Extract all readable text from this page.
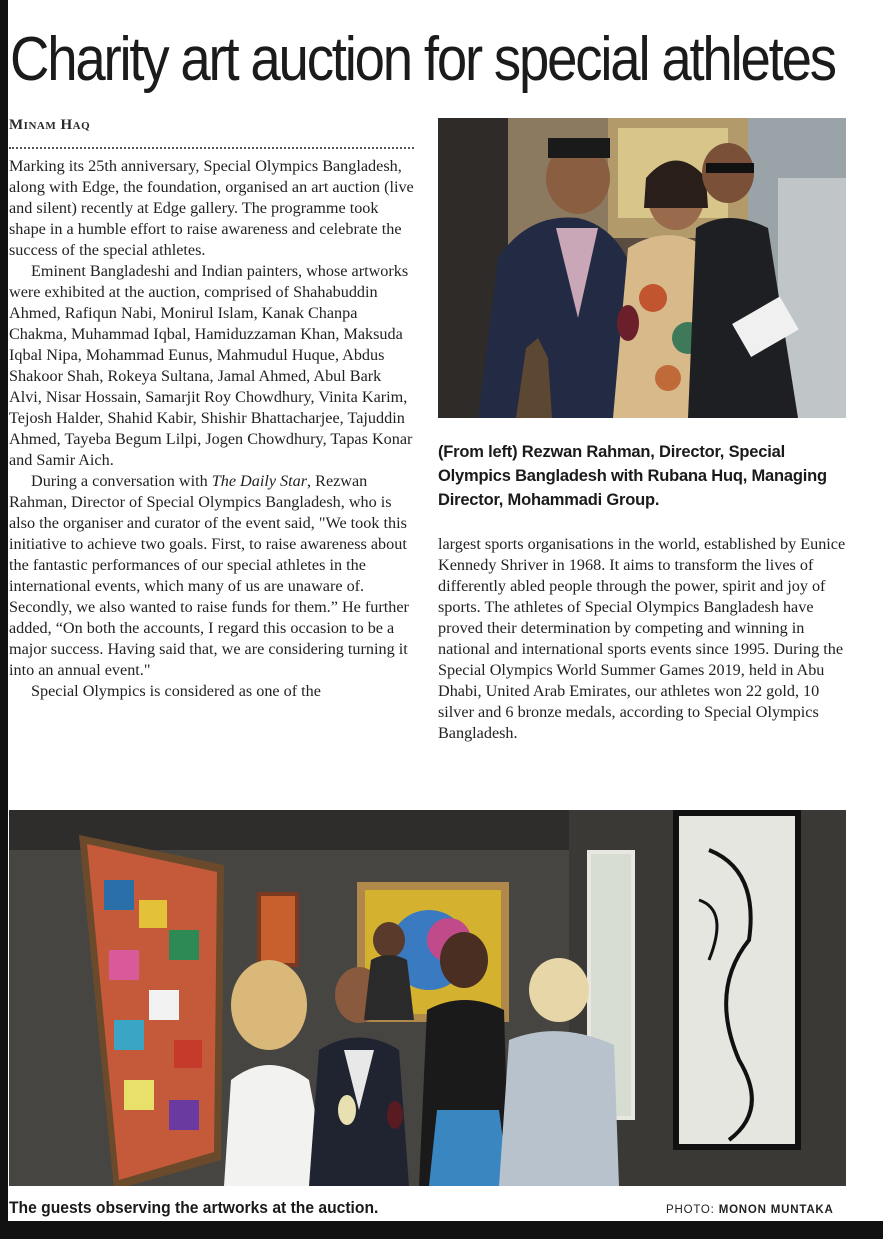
Charity art auction for special athletes
Minam Haq

Marking its 25th anniversary, Special Olympics Bangladesh, along with Edge, the foundation, organised an art auction (live and silent) recently at Edge gallery. The programme took shape in a humble effort to raise awareness and celebrate the success of the special athletes.

Eminent Bangladeshi and Indian painters, whose artworks were exhibited at the auction, comprised of Shahabuddin Ahmed, Rafiqun Nabi, Monirul Islam, Kanak Chanpa Chakma, Muhammad Iqbal, Hamiduzzaman Khan, Maksuda Iqbal Nipa, Mohammad Eunus, Mahmudul Huque, Abdus Shakoor Shah, Rokeya Sultana, Jamal Ahmed, Abul Bark Alvi, Nisar Hossain, Samarjit Roy Chowdhury, Vinita Karim, Tejosh Halder, Shahid Kabir, Shishir Bhattacharjee, Tajuddin Ahmed, Tayeba Begum Lilpi, Jogen Chowdhury, Tapas Konar and Samir Aich.

During a conversation with The Daily Star, Rezwan Rahman, Director of Special Olympics Bangladesh, who is also the organiser and curator of the event said, "We took this initiative to achieve two goals. First, to raise awareness about the fantastic performances of our special athletes in the international events, which many of us are unaware of. Secondly, we also wanted to raise funds for them.” He further added, “On both the accounts, I regard this occasion to be a major success. Having said that, we are considering turning it into an annual event."

Special Olympics is considered as one of the

(From left) Rezwan Rahman, Director, Special Olympics Bangladesh with Rubana Huq, Managing Director, Mohammadi Group.

largest sports organisations in the world, established by Eunice Kennedy Shriver in 1968. It aims to transform the lives of differently abled people through the power, spirit and joy of sports. The athletes of Special Olympics Bangladesh have proved their determination by competing and winning in national and international sports events since 1995. During the Special Olympics World Summer Games 2019, held in Abu Dhabi, United Arab Emirates, our athletes won 22 gold, 10 silver and 6 bronze medals, according to Special Olympics Bangladesh.

The guests observing the artworks at the auction.	PHOTO: MONON MUNTAKA
